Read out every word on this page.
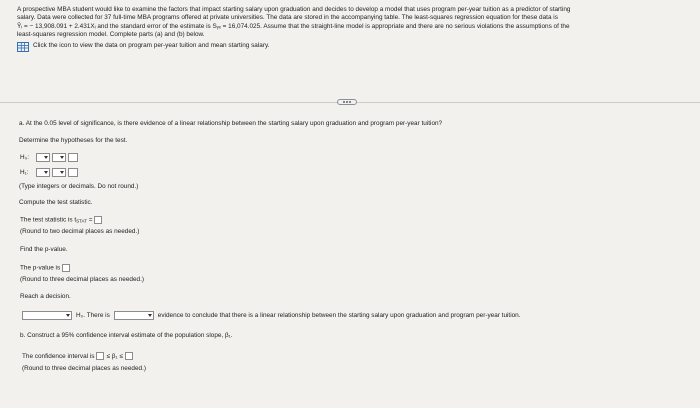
A prospective MBA student would like to examine the factors that impact starting salary upon graduation and decides to develop a model that uses program per-year tuition as a predictor of starting
salary. Data were collected for 37 full-time MBA programs offered at private universities. The data are stored in the accompanying table. The least-squares regression equation for these data is
Ŷᵢ = − 13,908.091 + 2.431Xᵢ and the standard error of the estimate is Sᵧₓ = 16,074.025. Assume that the straight-line model is appropriate and there are no serious violations the assumptions of the
least-squares regression model. Complete parts (a) and (b) below.
Click the icon to view the data on program per-year tuition and mean starting salary.
a. At the 0.05 level of significance, is there evidence of a linear relationship between the starting salary upon graduation and program per-year tuition?
Determine the hypotheses for the test.
H₀:
H₁:
(Type integers or decimals. Do not round.)
Compute the test statistic.
The test statistic is $t_{STAT}$ =
(Round to two decimal places as needed.)
Find the p-value.
The p-value is
(Round to three decimal places as needed.)
Reach a decision.
H₀. There is	evidence to conclude that there is a linear relationship between the starting salary upon graduation and program per-year tuition.
b. Construct a 95% confidence interval estimate of the population slope, β₁.
The confidence interval is ≤ β₁ ≤
(Round to three decimal places as needed.)
